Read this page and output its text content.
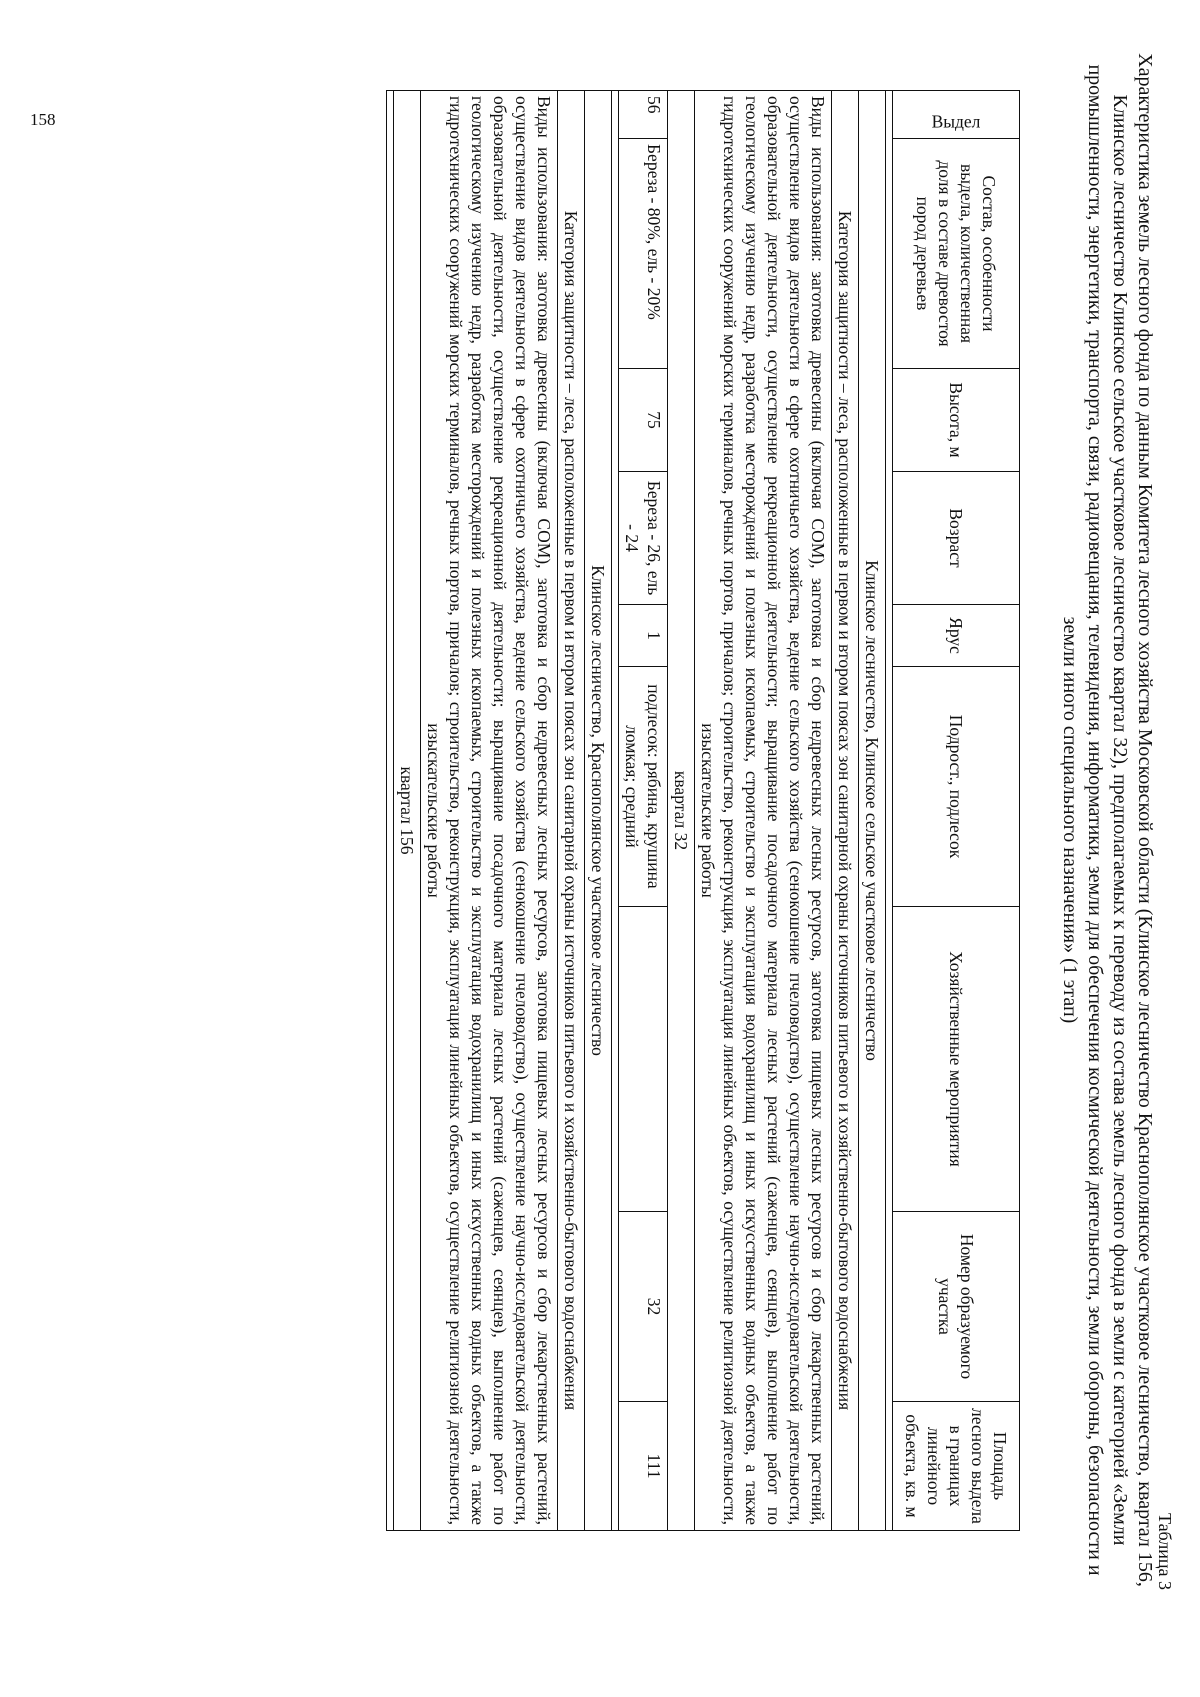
158
Таблица 3
Характеристика земель лесного фонда по данным Комитета лесного хозяйства Московской области (Клинское лесничество Краснополянское участковое лесничество, квартал 156, Клинское лесничество Клинское сельское участковое лесничество квартал 32), предполагаемых к переводу из состава земель лесного фонда в земли с категорией «Земли промышленности, энергетики, транспорта, связи, радиовещания, телевидения, информатики, земли для обеспечения космической деятельности, земли обороны, безопасности и земли иного специального назначения» (1 этап)
Выдел	Состав, особенности выдела, количественная доля в составе древостоя пород деревьев	Высота, м	Возраст	Ярус	Подрост., подлесок	Хозяйственные мероприятия	Номер образуемого участка	Площадь лесного выдела в границах линейного объекта, кв. м

Клинское лесничество, Клинское сельское участковое лесничество								
Категория защитности – леса, расположенные в первом и втором поясах зон санитарной охраны источников питьевого и хозяйственно-бытового водоснабжения								
Виды использования: заготовка древесины (включая СОМ), заготовка и сбор недревесных лесных ресурсов, заготовка пищевых лесных ресурсов и сбор лекарственных растений, осуществление видов деятельности в сфере охотничьего хозяйства, ведение сельского хозяйства (сенокошение пчеловодство), осуществление научно-исследовательской деятельности, образовательной деятельности, осуществление рекреационной деятельности; выращивание посадочного материала лесных растений (саженцев, сеянцев), выполнение работ по геологическому изучению недр, разработка месторождений и полезных ископаемых, строительство и эксплуатация водохранилищ и иных искусственных водных объектов, а также гидротехнических сооружений морских терминалов, речных портов, причалов; строительство, реконструкция, эксплуатация линейных объектов, осуществление религиозной деятельности, изыскательские работы								
квартал 32								
56	Береза - 80%, ель - 20%	75	Береза - 26, ель - 24	1	подлесок: рябина, крушина ломкая; средний		32	111

Клинское лесничество, Краснополянское участковое лесничество								
Категория защитности – леса, расположенные в первом и втором поясах зон санитарной охраны источников питьевого и хозяйственно-бытового водоснабжения								
Виды использования: заготовка древесины (включая СОМ), заготовка и сбор недревесных лесных ресурсов, заготовка пищевых лесных ресурсов и сбор лекарственных растений, осуществление видов деятельности в сфере охотничьего хозяйства, ведение сельского хозяйства (сенокошение пчеловодство), осуществление научно-исследовательской деятельности, образовательной деятельности, осуществление рекреационной деятельности; выращивание посадочного материала лесных растений (саженцев, сеянцев), выполнение работ по геологическому изучению недр, разработка месторождений и полезных ископаемых, строительство и эксплуатация водохранилищ и иных искусственных водных объектов, а также гидротехнических сооружений морских терминалов, речных портов, причалов; строительство, реконструкция, эксплуатация линейных объектов, осуществление религиозной деятельности, изыскательские работы								
квартал 156								
